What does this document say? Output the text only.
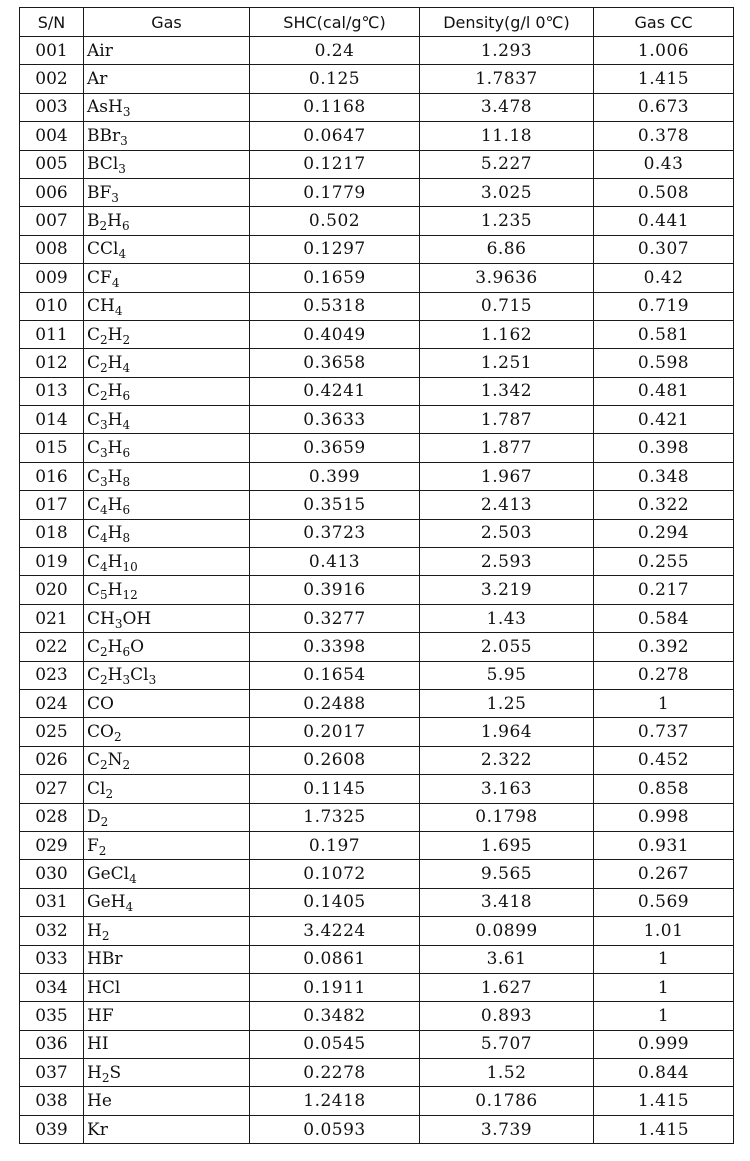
S/N	Gas	SHC(cal/g℃)	Density(g/l 0℃)	Gas CC
001	Air	0.24	1.293	1.006
002	Ar	0.125	1.7837	1.415
003	AsH$_3$	0.1168	3.478	0.673
004	BBr$_3$	0.0647	11.18	0.378
005	BCl$_3$	0.1217	5.227	0.43
006	$BF_3$	0.1779	3.025	0.508
007	$B_2H_6$	0.502	1.235	0.441
008	CCl$_4$	0.1297	6.86	0.307
009	$CF_4$	0.1659	3.9636	0.42
010	$CH_4$	0.5318	0.715	0.719
011	$C_2H_2$	0.4049	1.162	0.581
012	$C_2H_4$	0.3658	1.251	0.598
013	$C_2H_6$	0.4241	1.342	0.481
014	$C_3H_4$	0.3633	1.787	0.421
015	$C_3H_6$	0.3659	1.877	0.398
016	$C_3H_8$	0.399	1.967	0.348
017	$C_4H_6$	0.3515	2.413	0.322
018	$C_4H_8$	0.3723	2.503	0.294
019	$C_4H_{10}$	0.413	2.593	0.255
020	$C_5H_{12}$	0.3916	3.219	0.217
021	$CH_3OH$	0.3277	1.43	0.584
022	$C_2H_6O$	0.3398	2.055	0.392
023	$C_2H_3Cl_3$	0.1654	5.95	0.278
024	CO	0.2488	1.25	1
025	$CO_2$	0.2017	1.964	0.737
026	$C_2N_2$	0.2608	2.322	0.452
027	$Cl_2$	0.1145	3.163	0.858
028	$D_2$	1.7325	0.1798	0.998
029	$F_2$	0.197	1.695	0.931
030	GeCl$_4$	0.1072	9.565	0.267
031	GeH$_4$	0.1405	3.418	0.569
032	$H_2$	3.4224	0.0899	1.01
033	HBr	0.0861	3.61	1
034	HCl	0.1911	1.627	1
035	HF	0.3482	0.893	1
036	HI	0.0545	5.707	0.999
037	$H_2S$	0.2278	1.52	0.844
038	He	1.2418	0.1786	1.415
039	Kr	0.0593	3.739	1.415
